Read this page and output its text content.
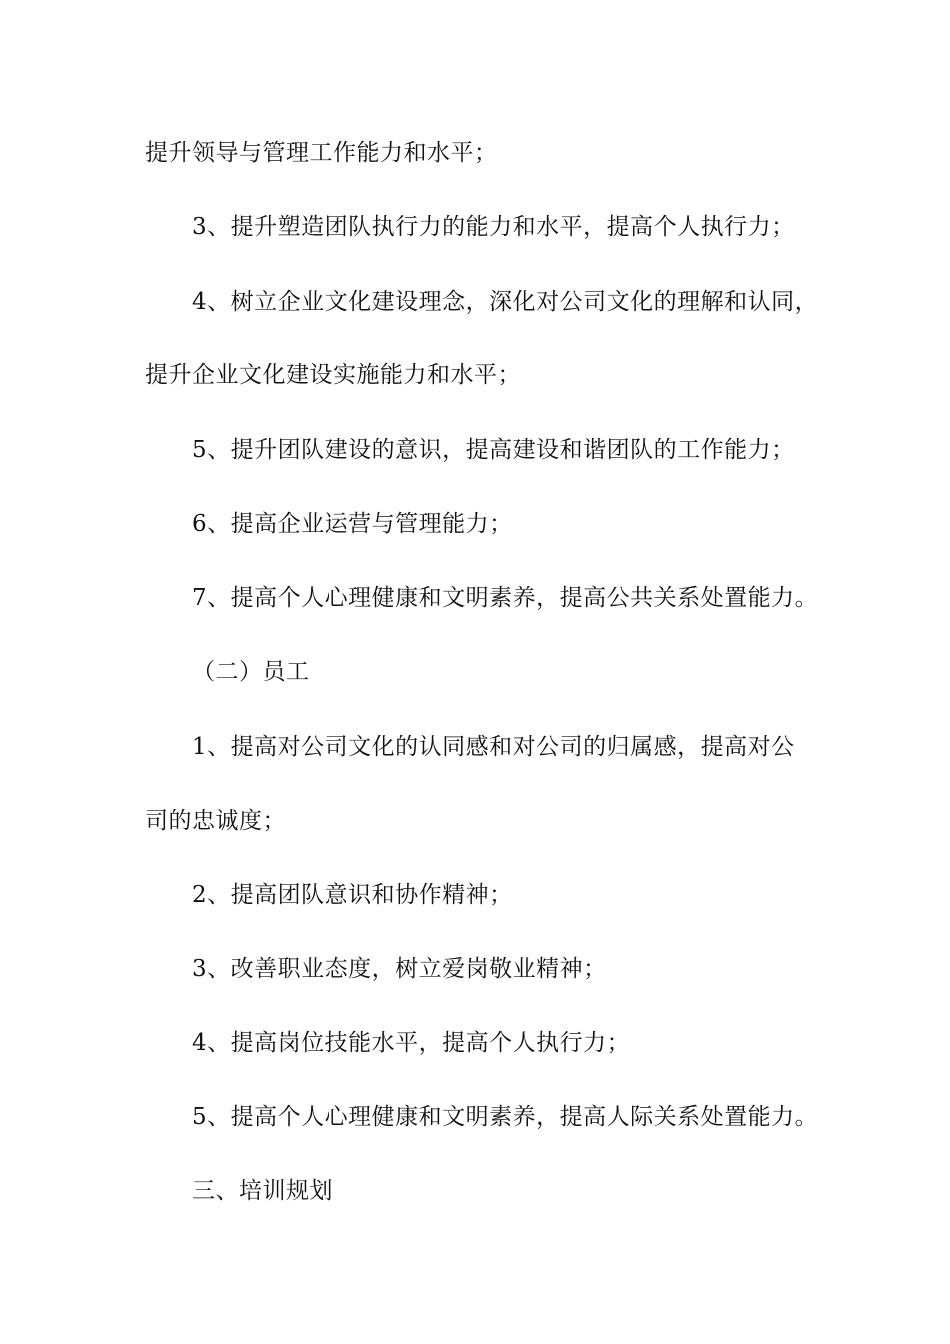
提升领导与管理工作能力和水平；
3、提升塑造团队执行力的能力和水平，提高个人执行力；
4、树立企业文化建设理念，深化对公司文化的理解和认同，
提升企业文化建设实施能力和水平；
5、提升团队建设的意识，提高建设和谐团队的工作能力；
6、提高企业运营与管理能力；
7、提高个人心理健康和文明素养，提高公共关系处置能力。
（二）员工
1、提高对公司文化的认同感和对公司的归属感，提高对公
司的忠诚度；
2、提高团队意识和协作精神；
3、改善职业态度，树立爱岗敬业精神；
4、提高岗位技能水平，提高个人执行力；
5、提高个人心理健康和文明素养，提高人际关系处置能力。
三、培训规划
